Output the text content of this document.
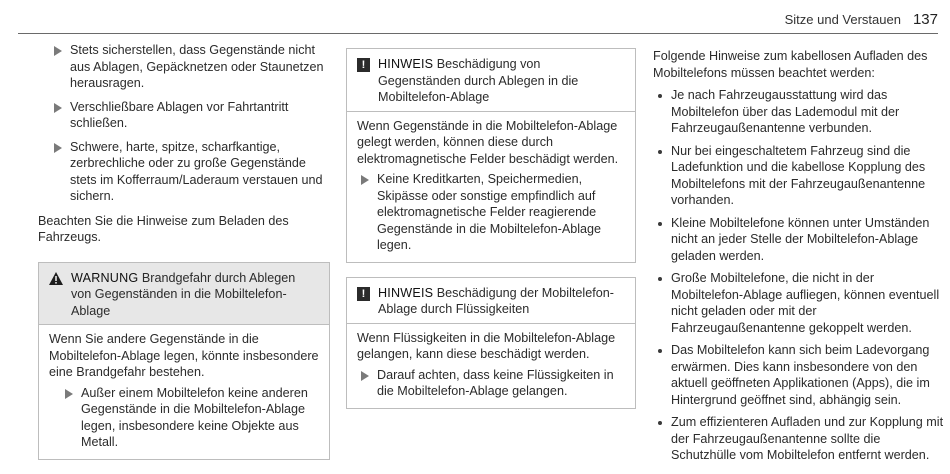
Sitze und Verstauen 137
Stets sicherstellen, dass Gegenstände nicht aus Ablagen, Gepäcknetzen oder Staunetzen herausragen.
Verschließbare Ablagen vor Fahrtantritt schließen.
Schwere, harte, spitze, scharfkantige, zerbrechliche oder zu große Gegenstände stets im Kofferraum/Laderaum verstauen und sichern.

Beachten Sie die Hinweise zum Beladen des Fahrzeugs.

WARNUNG Brandgefahr durch Ablegen von Gegenständen in die Mobiltelefon-Ablage

Wenn Sie andere Gegenstände in die Mobiltelefon-Ablage legen, könnte insbesondere eine Brandgefahr bestehen.

Außer einem Mobiltelefon keine anderen Gegenstände in die Mobiltelefon-Ablage legen, insbesondere keine Objekte aus Metall.
!	HINWEIS Beschädigung von Gegenständen durch Ablegen in die Mobiltelefon-Ablage

Wenn Gegenstände in die Mobiltelefon-Ablage gelegt werden, können diese durch elektromagnetische Felder beschädigt werden.

Keine Kreditkarten, Speichermedien, Skipässe oder sonstige empfindlich auf elektromagnetische Felder reagierende Gegenstände in die Mobiltelefon-Ablage legen.
!	HINWEIS Beschädigung der Mobiltelefon-Ablage durch Flüssigkeiten

Wenn Flüssigkeiten in die Mobiltelefon-Ablage gelangen, kann diese beschädigt werden.

Darauf achten, dass keine Flüssigkeiten in die Mobiltelefon-Ablage gelangen.

Folgende Hinweise zum kabellosen Aufladen des Mobiltelefons müssen beachtet werden:

Je nach Fahrzeugausstattung wird das Mobiltelefon über das Lademodul mit der Fahrzeugaußenantenne verbunden.
Nur bei eingeschaltetem Fahrzeug sind die Ladefunktion und die kabellose Kopplung des Mobiltelefons mit der Fahrzeugaußenantenne vorhanden.
Kleine Mobiltelefone können unter Umständen nicht an jeder Stelle der Mobiltelefon-Ablage geladen werden.
Große Mobiltelefone, die nicht in der Mobiltelefon-Ablage aufliegen, können eventuell nicht geladen oder mit der Fahrzeugaußenantenne gekoppelt werden.
Das Mobiltelefon kann sich beim Ladevorgang erwärmen. Dies kann insbesondere von den aktuell geöffneten Applikationen (Apps), die im Hintergrund geöffnet sind, abhängig sein.
Zum effizienteren Aufladen und zur Kopplung mit der Fahrzeugaußenantenne sollte die Schutzhülle vom Mobiltelefon entfernt werden.
